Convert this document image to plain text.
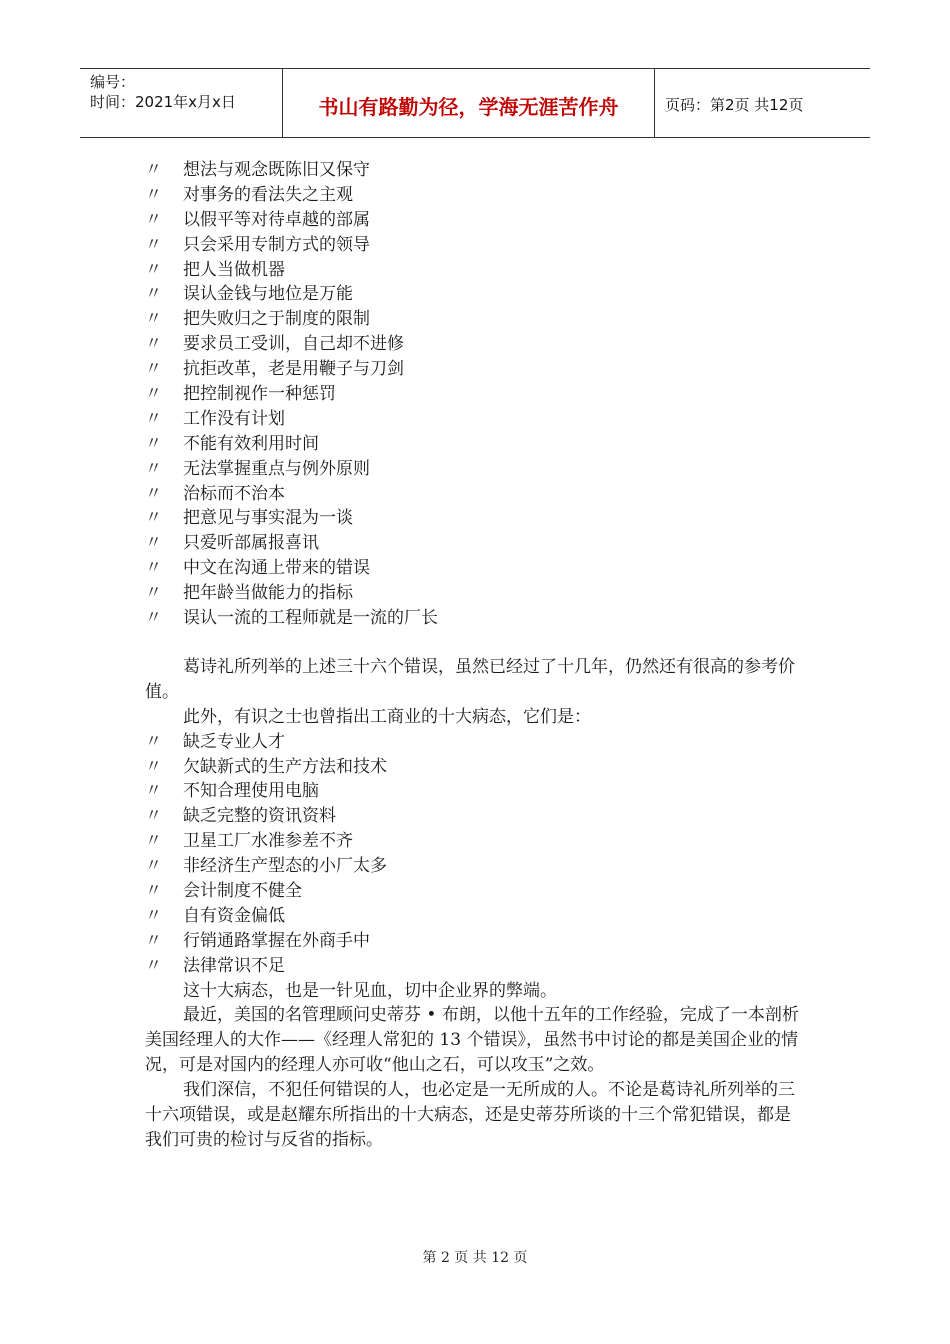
编号：
时间：2021年x月x日	书山有路勤为径，学海无涯苦作舟	页码：第2页 共12页
〃	想法与观念既陈旧又保守
〃	对事务的看法失之主观
〃	以假平等对待卓越的部属
〃	只会采用专制方式的领导
〃	把人当做机器
〃	误认金钱与地位是万能
〃	把失败归之于制度的限制
〃	要求员工受训，自己却不进修
〃	抗拒改革，老是用鞭子与刀剑
〃	把控制视作一种惩罚
〃	工作没有计划
〃	不能有效利用时间
〃	无法掌握重点与例外原则
〃	治标而不治本
〃	把意见与事实混为一谈
〃	只爱听部属报喜讯
〃	中文在沟通上带来的错误
〃	把年龄当做能力的指标
〃	误认一流的工程师就是一流的厂长

葛诗礼所列举的上述三十六个错误，虽然已经过了十几年，仍然还有很高的参考价值。

此外，有识之士也曾指出工商业的十大病态，它们是：

〃	缺乏专业人才
〃	欠缺新式的生产方法和技术
〃	不知合理使用电脑
〃	缺乏完整的资讯资料
〃	卫星工厂水准参差不齐
〃	非经济生产型态的小厂太多
〃	会计制度不健全
〃	自有资金偏低
〃	行销通路掌握在外商手中
〃	法律常识不足

这十大病态，也是一针见血，切中企业界的弊端。

最近，美国的名管理顾问史蒂芬 • 布朗，以他十五年的工作经验，完成了一本剖析美国经理人的大作——《经理人常犯的 13 个错误》，虽然书中讨论的都是美国企业的情况，可是对国内的经理人亦可收“他山之石，可以攻玉”之效。

我们深信，不犯任何错误的人，也必定是一无所成的人。不论是葛诗礼所列举的三十六项错误，或是赵耀东所指出的十大病态，还是史蒂芬所谈的十三个常犯错误，都是我们可贵的检讨与反省的指标。

第 2 页 共 12 页
